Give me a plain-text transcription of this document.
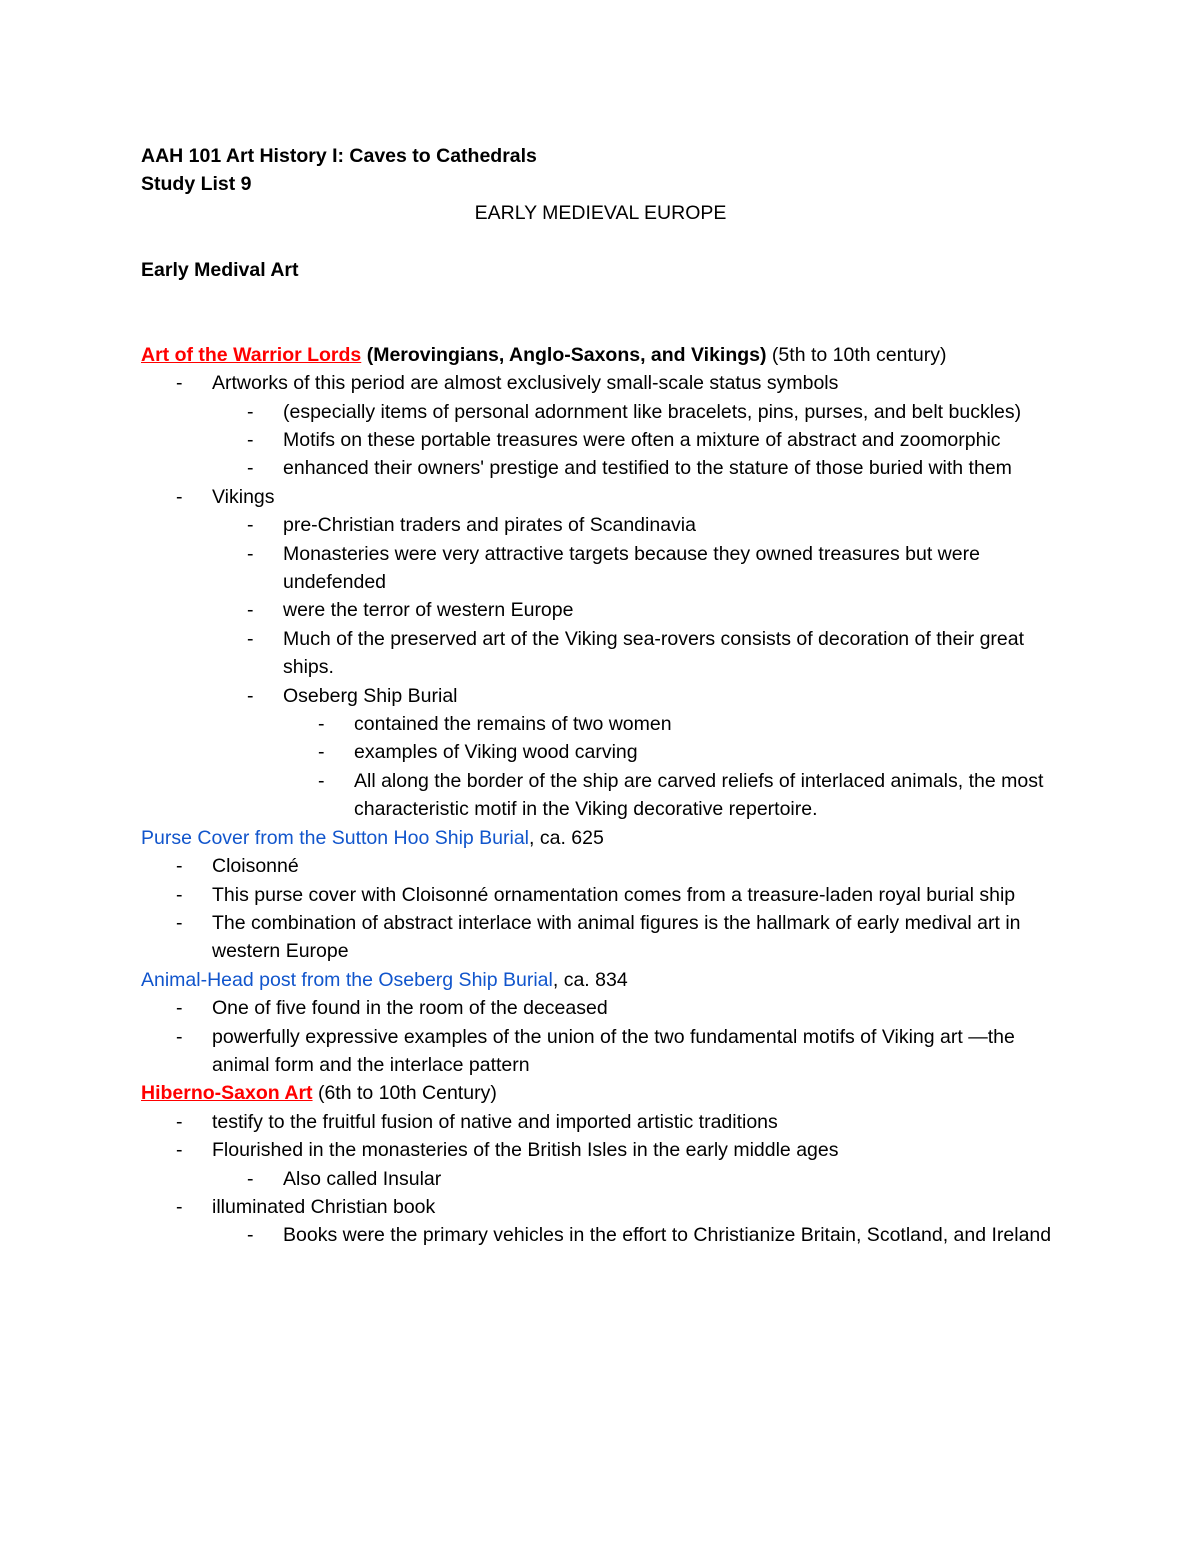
AAH 101 Art History I: Caves to Cathedrals

Study List 9

EARLY MEDIEVAL EUROPE

Early Medival Art

Art of the Warrior Lords (Merovingians, Anglo-Saxons, and Vikings) (5th to 10th century)

- Artworks of this period are almost exclusively small-scale status symbols
- (especially items of personal adornment like bracelets, pins, purses, and belt buckles)
- Motifs on these portable treasures were often a mixture of abstract and zoomorphic
- enhanced their owners' prestige and testified to the stature of those buried with them
- Vikings
- pre-Christian traders and pirates of Scandinavia
- Monasteries were very attractive targets because they owned treasures but were undefended
- were the terror of western Europe
- Much of the preserved art of the Viking sea-rovers consists of decoration of their great ships.
- Oseberg Ship Burial
- contained the remains of two women
- examples of Viking wood carving
- All along the border of the ship are carved reliefs of interlaced animals, the most characteristic motif in the Viking decorative repertoire.

Purse Cover from the Sutton Hoo Ship Burial, ca. 625

- Cloisonné
- This purse cover with Cloisonné ornamentation comes from a treasure-laden royal burial ship
- The combination of abstract interlace with animal figures is the hallmark of early medival art in western Europe

Animal-Head post from the Oseberg Ship Burial, ca. 834

- One of five found in the room of the deceased
- powerfully expressive examples of the union of the two fundamental motifs of Viking art —the animal form and the interlace pattern

Hiberno-Saxon Art (6th to 10th Century)

- testify to the fruitful fusion of native and imported artistic traditions
- Flourished in the monasteries of the British Isles in the early middle ages
- Also called Insular
- illuminated Christian book
- Books were the primary vehicles in the effort to Christianize Britain, Scotland, and Ireland
